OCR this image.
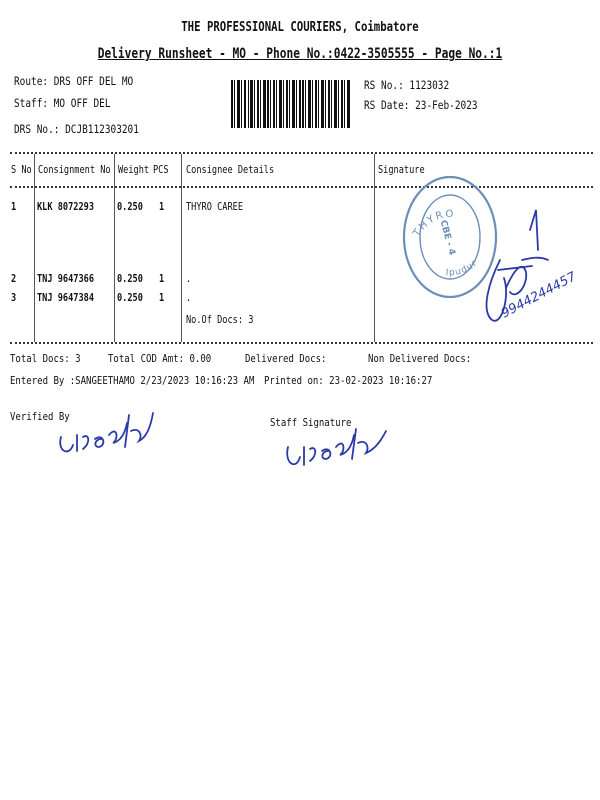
THE PROFESSIONAL COURIERS, Coimbatore
Delivery Runsheet - MO - Phone No.:0422-3505555 - Page No.:1
Route: DRS OFF DEL MO
Staff: MO OFF DEL
DRS No.: DCJB112303201
RS No.: 1123032
RS Date: 23-Feb-2023
S No Consignment No Weight PCS Consignee Details	Signature
1 KLK 8072293 0.250 1 THYRO CAREE
2 TNJ 9647366 0.250 1 .
3 TNJ 9647384 0.250 1 .
No.Of Docs: 3
THYRO
Ipudur
CBE - 4
9944244457
Total Docs: 3 Total COD Amt: 0.00	Delivered Docs:	Non Delivered Docs:
Entered By :SANGEETHAMO 2/23/2023 10:16:23 AM Printed on: 23-02-2023 10:16:27
Verified By	Staff Signature
